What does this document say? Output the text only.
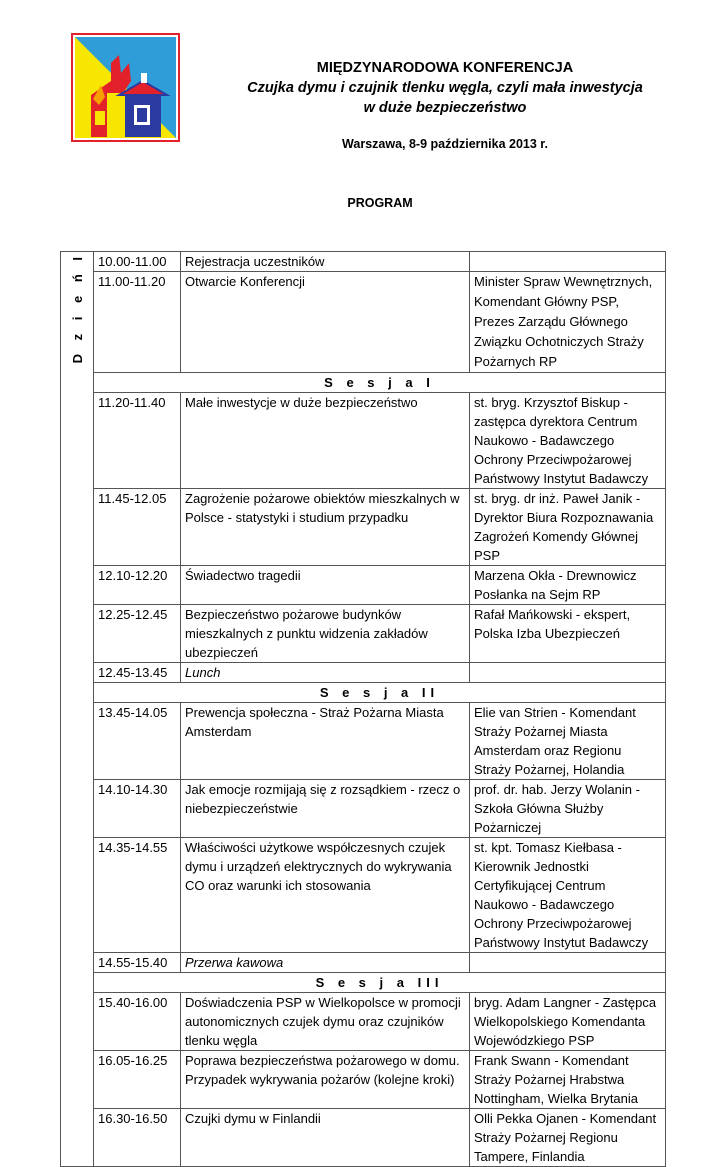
MIĘDZYNARODOWA KONFERENCJA
Czujka dymu i czujnik tlenku węgla, czyli mała inwestycja
w duże bezpieczeństwo
Warszawa, 8-9 października 2013 r.
PROGRAM
D z i e ń I	10.00-11.00	Rejestracja uczestników	
	11.00-11.20	Otwarcie Konferencji	Minister Spraw Wewnętrznych,
Komendant Główny PSP,
Prezes Zarządu Głównego Związku Ochotniczych Straży Pożarnych RP

	S e s j a I		
	11.20-11.40	Małe inwestycje w duże bezpieczeństwo	st. bryg. Krzysztof Biskup - zastępca dyrektora Centrum Naukowo - Badawczego Ochrony Przeciwpożarowej Państwowy Instytut Badawczy
	11.45-12.05	Zagrożenie pożarowe obiektów mieszkalnych w Polsce - statystyki i studium przypadku	st. bryg. dr inż. Paweł Janik - Dyrektor Biura Rozpoznawania Zagrożeń Komendy Głównej PSP
	12.10-12.20	Świadectwo tragedii	Marzena Okła - Drewnowicz Posłanka na Sejm RP
	12.25-12.45	Bezpieczeństwo pożarowe budynków mieszkalnych z punktu widzenia zakładów ubezpieczeń	Rafał Mańkowski - ekspert, Polska Izba Ubezpieczeń
	12.45-13.45	Lunch	
	S e s j a II		
	13.45-14.05	Prewencja społeczna - Straż Pożarna Miasta Amsterdam	Elie van Strien - Komendant Straży Pożarnej Miasta Amsterdam oraz Regionu Straży Pożarnej, Holandia
	14.10-14.30	Jak emocje rozmijają się z rozsądkiem - rzecz o niebezpieczeństwie	prof. dr. hab. Jerzy Wolanin - Szkoła Główna Służby Pożarniczej
	14.35-14.55	Właściwości użytkowe współczesnych czujek dymu i urządzeń elektrycznych do wykrywania CO oraz warunki ich stosowania	st. kpt. Tomasz Kiełbasa - Kierownik Jednostki Certyfikującej Centrum Naukowo - Badawczego Ochrony Przeciwpożarowej Państwowy Instytut Badawczy
	14.55-15.40	Przerwa kawowa	
	S e s j a III		
	15.40-16.00	Doświadczenia PSP w Wielkopolsce w promocji autonomicznych czujek dymu oraz czujników tlenku węgla	bryg. Adam Langner - Zastępca Wielkopolskiego Komendanta Wojewódzkiego PSP
	16.05-16.25	Poprawa bezpieczeństwa pożarowego w domu. Przypadek wykrywania pożarów (kolejne kroki)	Frank Swann - Komendant Straży Pożarnej Hrabstwa Nottingham, Wielka Brytania
	16.30-16.50	Czujki dymu w Finlandii	Olli Pekka Ojanen - Komendant Straży Pożarnej Regionu Tampere, Finlandia
